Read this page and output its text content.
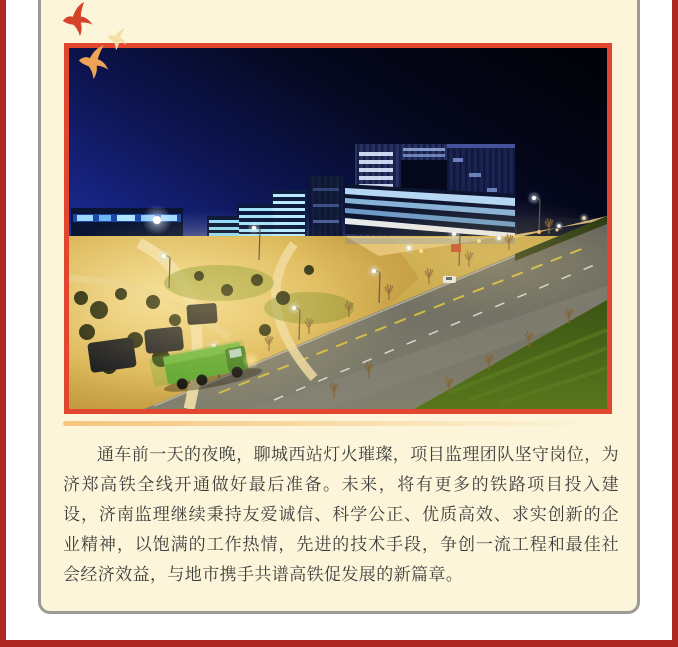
通车前一天的夜晚，聊城西站灯火璀璨，项目监理团队坚守岗位，为济郑高铁全线开通做好最后准备。未来，将有更多的铁路项目投入建设，济南监理继续秉持友爱诚信、科学公正、优质高效、求实创新的企业精神，以饱满的工作热情，先进的技术手段，争创一流工程和最佳社会经济效益，与地市携手共谱高铁促发展的新篇章。
